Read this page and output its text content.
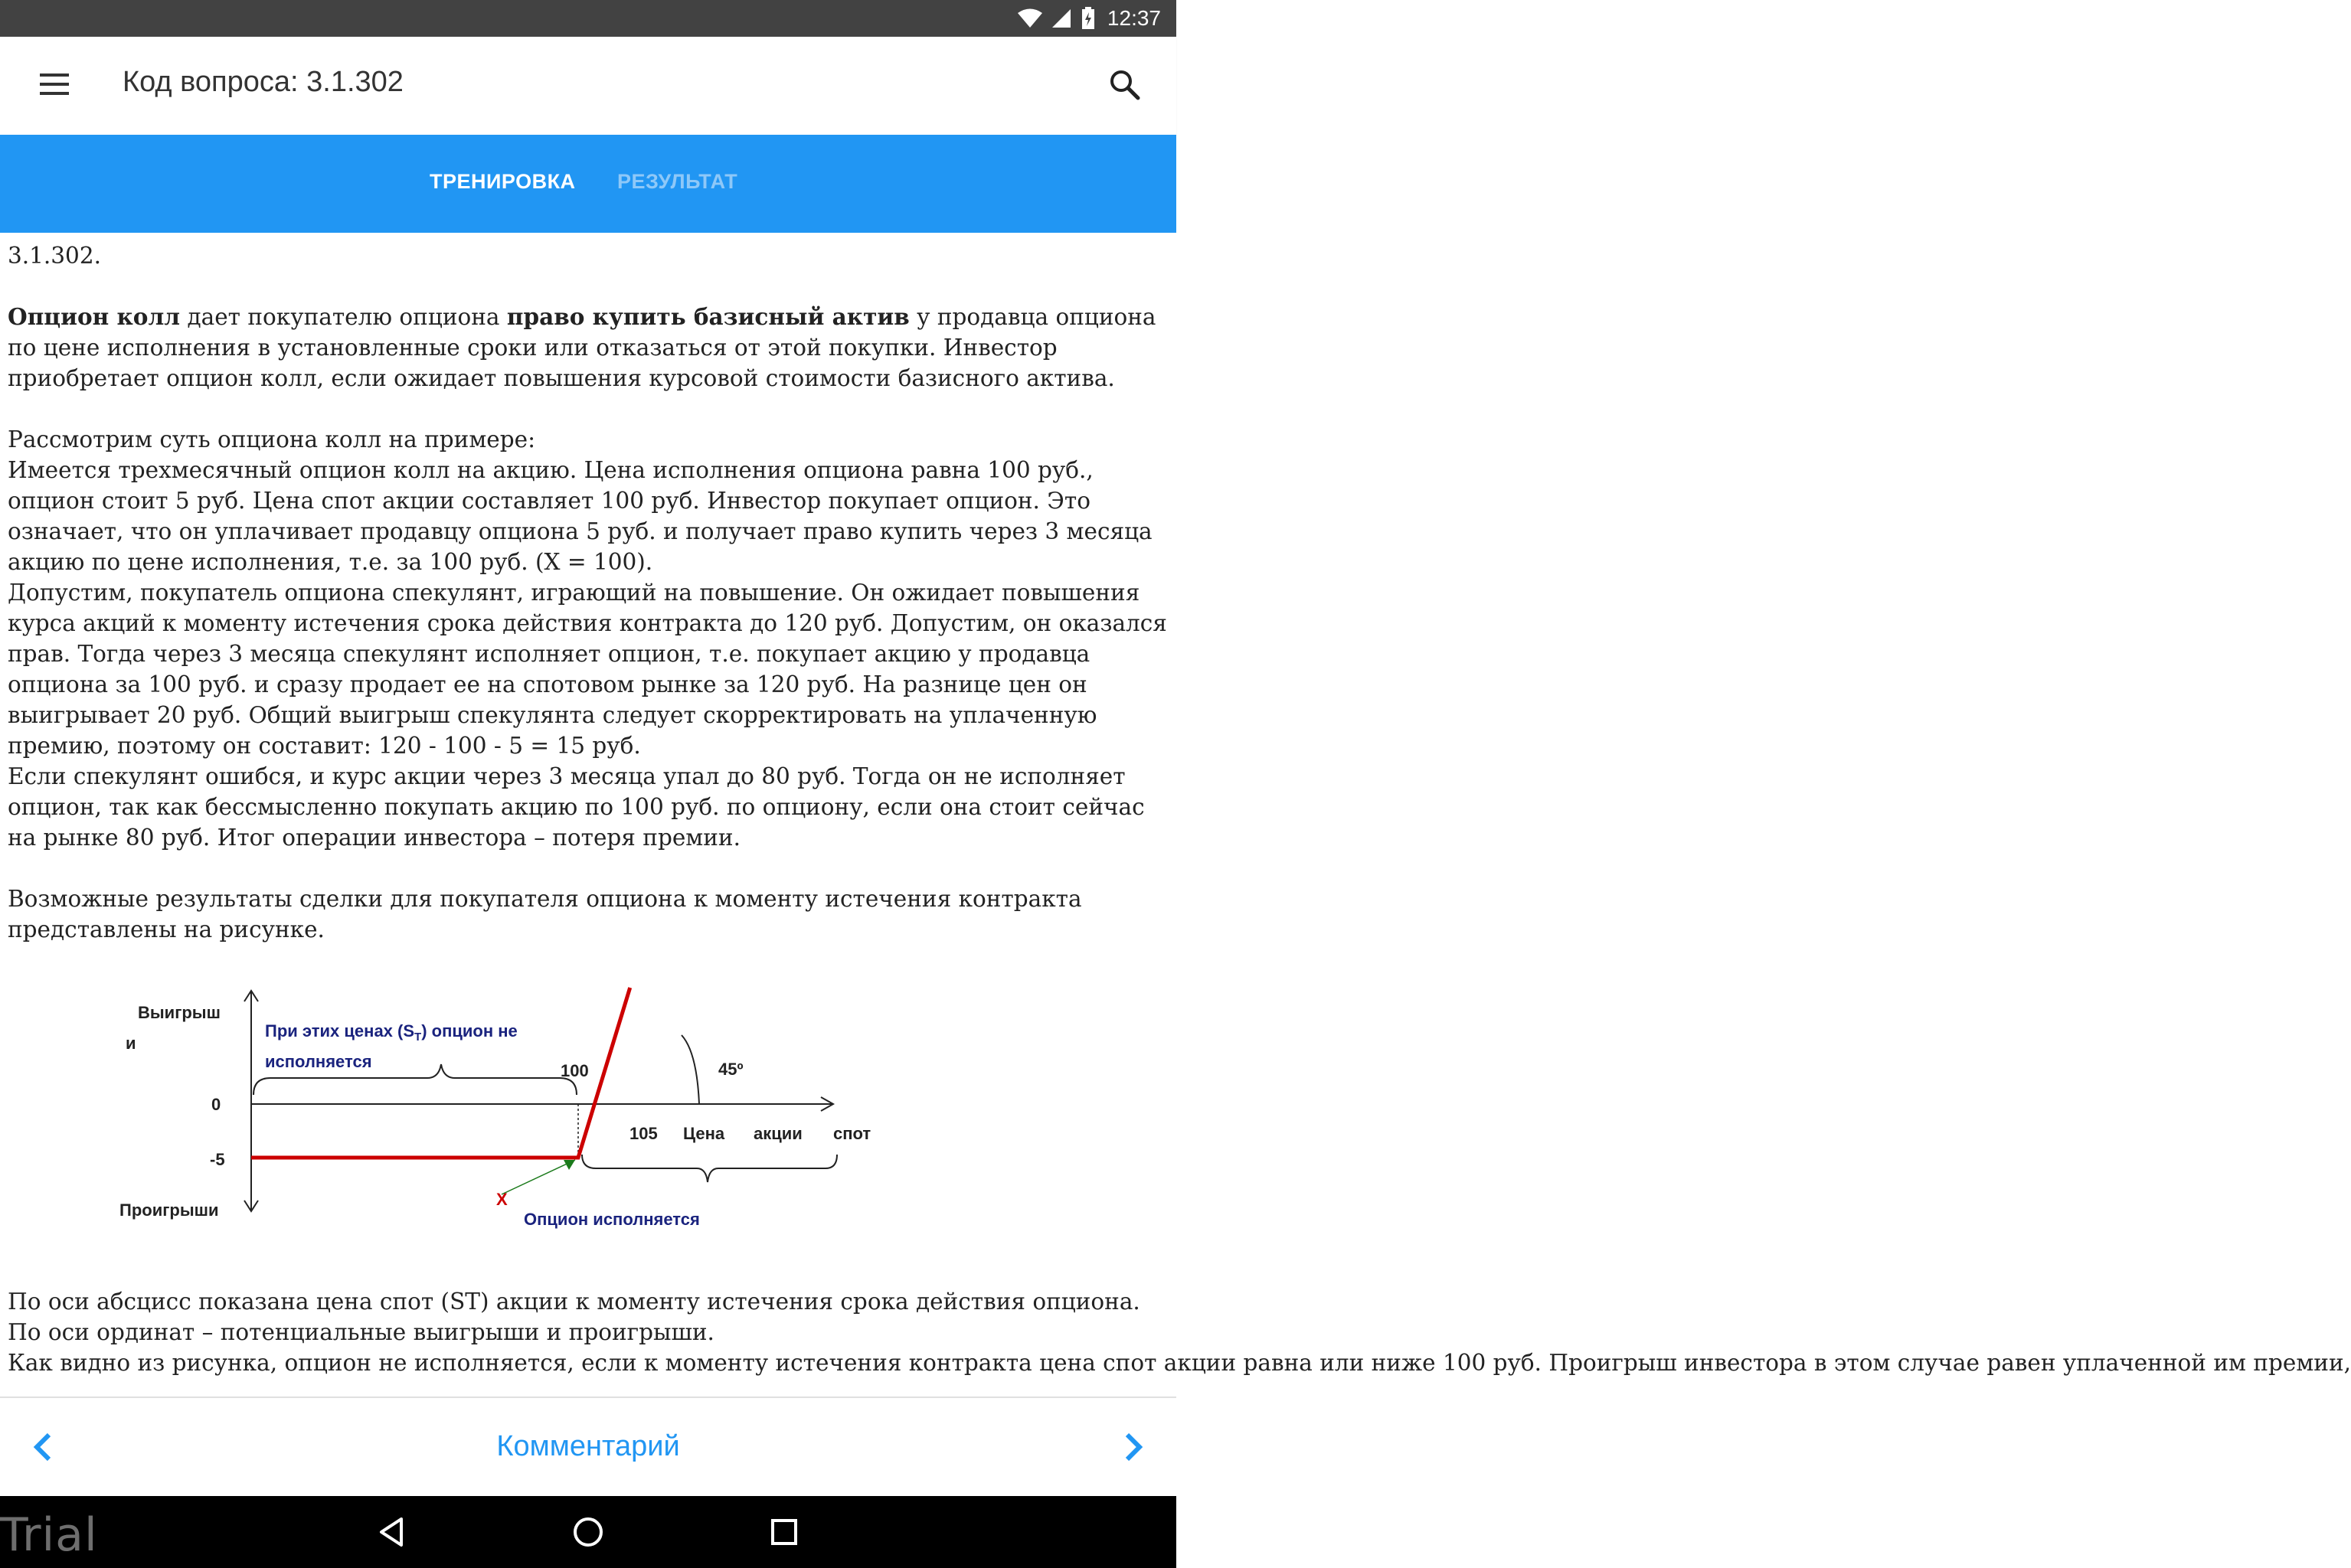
12:37
Код вопроса: 3.1.302
ТРЕНИРОВКА РЕЗУЛЬТАТ

3.1.302.

Опцион колл дает покупателю опциона право купить базисный актив у продавца опциона по цене исполнения в установленные сроки или отказаться от этой покупки. Инвестор приобретает опцион колл, если ожидает повышения курсовой стоимости базисного актива.

Рассмотрим суть опциона колл на примере:

Имеется трехмесячный опцион колл на акцию. Цена исполнения опциона равна 100 руб., опцион стоит 5 руб. Цена спот акции составляет 100 руб. Инвестор покупает опцион. Это означает, что он уплачивает продавцу опциона 5 руб. и получает право купить через 3 месяца акцию по цене исполнения, т.е. за 100 руб. (X = 100).

Допустим, покупатель опциона спекулянт, играющий на повышение. Он ожидает повышения курса акций к моменту истечения срока действия контракта до 120 руб. Допустим, он оказался прав. Тогда через 3 месяца спекулянт исполняет опцион, т.е. покупает акцию у продавца опциона за 100 руб. и сразу продает ее на спотовом рынке за 120 руб. На разнице цен он выигрывает 20 руб. Общий выигрыш спекулянта следует скорректировать на уплаченную премию, поэтому он составит: 120 - 100 - 5 = 15 руб.

Если спекулянт ошибся, и курс акции через 3 месяца упал до 80 руб. Тогда он не исполняет опцион, так как бессмысленно покупать акцию по 100 руб. по опциону, если она стоит сейчас на рынке 80 руб. Итог операции инвестора – потеря премии.

Возможные результаты сделки для покупателя опциона к моменту истечения контракта представлены на рисунке.

Выигрыш
и
Проигрыши
0
-5
100
105 Цена акции спот
45º
При этих ценах $(S_T)$ опцион не
исполняется
Опцион исполняется
X

По оси абсцисс показана цена спот (ST) акции к моменту истечения срока действия опциона. По оси ординат – потенциальные выигрыши и проигрыши.

Как видно из рисунка, опцион не исполняется, если к моменту истечения контракта цена спот акции равна или ниже 100 руб. Проигрыш инвестора в этом случае равен уплаченной им премии,

Комментарий
Trial
